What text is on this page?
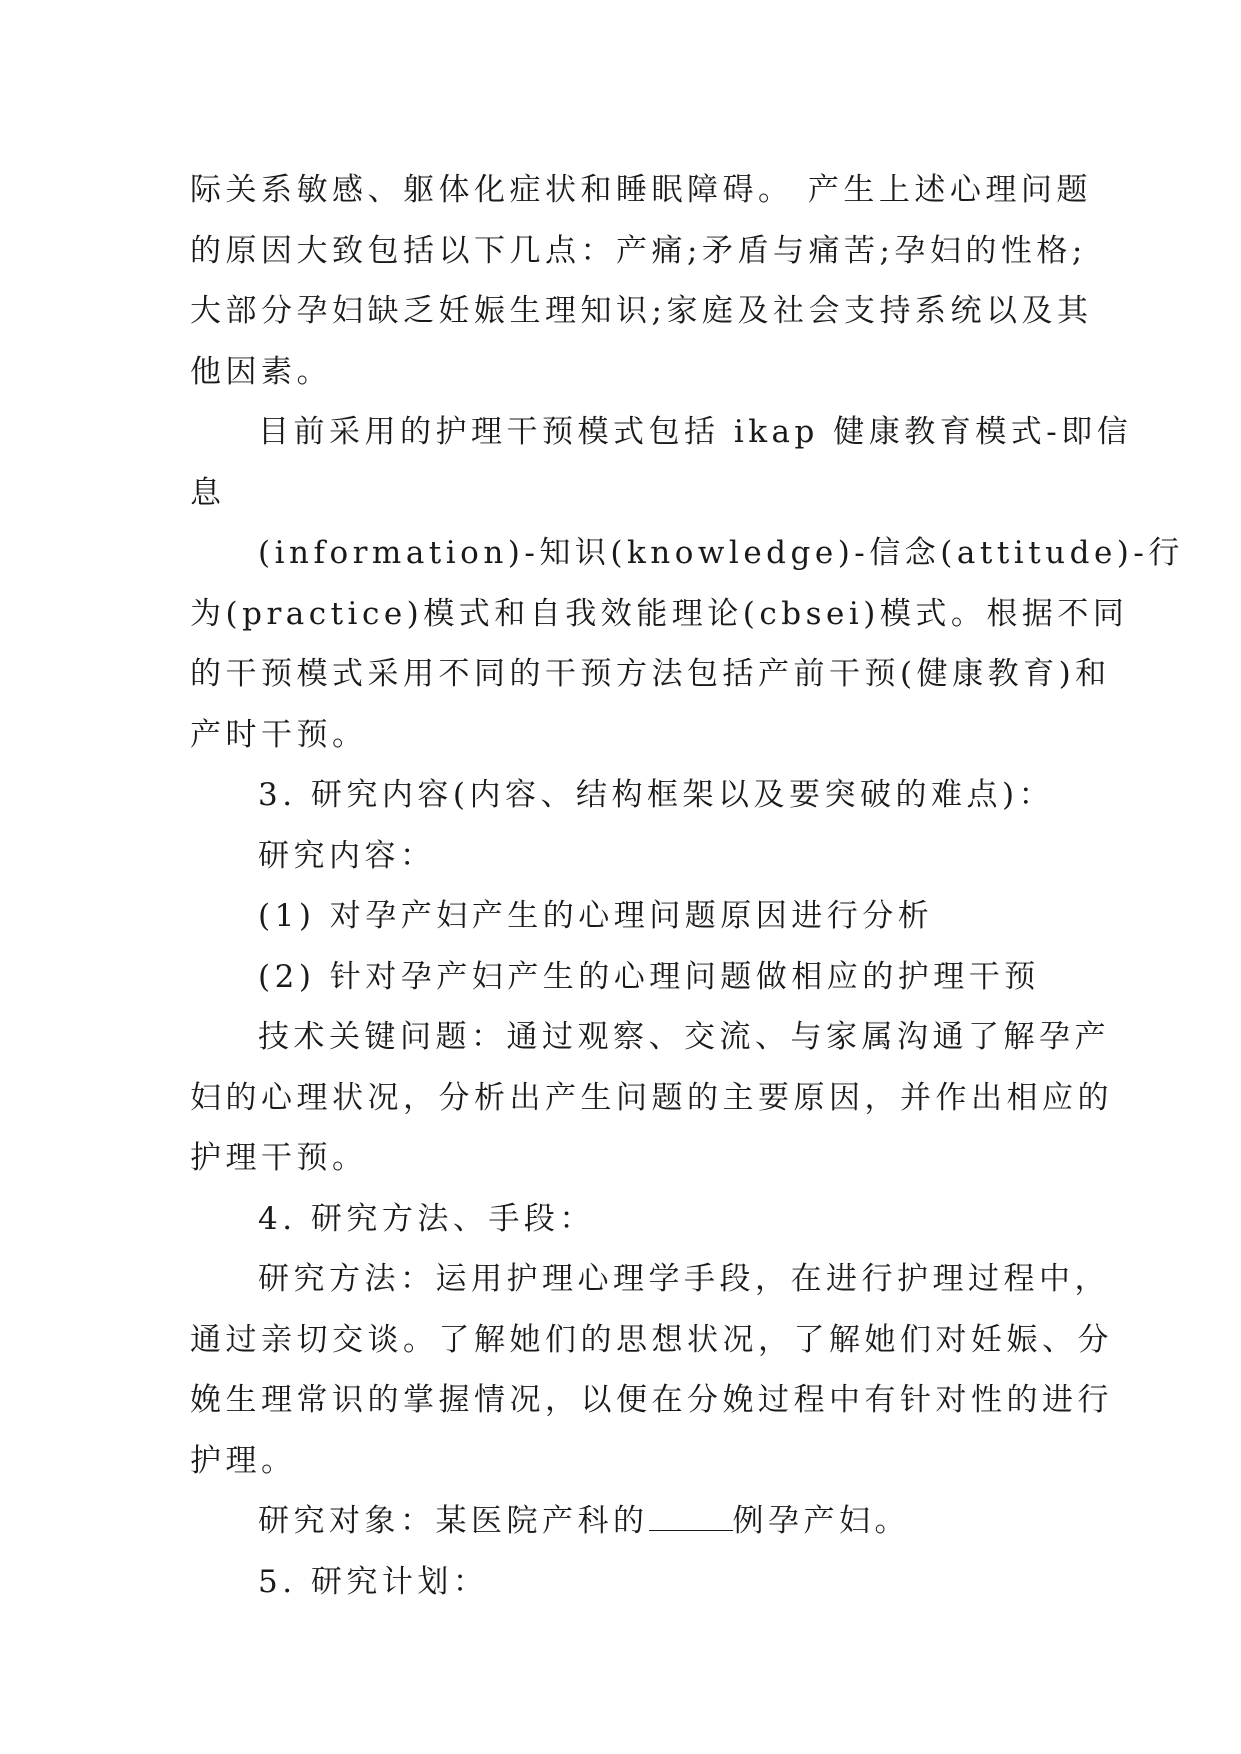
际关系敏感、躯体化症状和睡眠障碍。 产生上述心理问题
的原因大致包括以下几点：产痛;矛盾与痛苦;孕妇的性格;
大部分孕妇缺乏妊娠生理知识;家庭及社会支持系统以及其
他因素。
目前采用的护理干预模式包括 ikap 健康教育模式-即信
息
(information)-知识(knowledge)-信念(attitude)-行
为(practice)模式和自我效能理论(cbsei)模式。根据不同
的干预模式采用不同的干预方法包括产前干预(健康教育)和
产时干预。
3. 研究内容(内容、结构框架以及要突破的难点)：
研究内容：
(1) 对孕产妇产生的心理问题原因进行分析
(2) 针对孕产妇产生的心理问题做相应的护理干预
技术关键问题：通过观察、交流、与家属沟通了解孕产
妇的心理状况，分析出产生问题的主要原因，并作出相应的
护理干预。
4. 研究方法、手段：
研究方法：运用护理心理学手段，在进行护理过程中，
通过亲切交谈。了解她们的思想状况，了解她们对妊娠、分
娩生理常识的掌握情况，以便在分娩过程中有针对性的进行
护理。
研究对象：某医院产科的	例孕产妇。
5. 研究计划：
